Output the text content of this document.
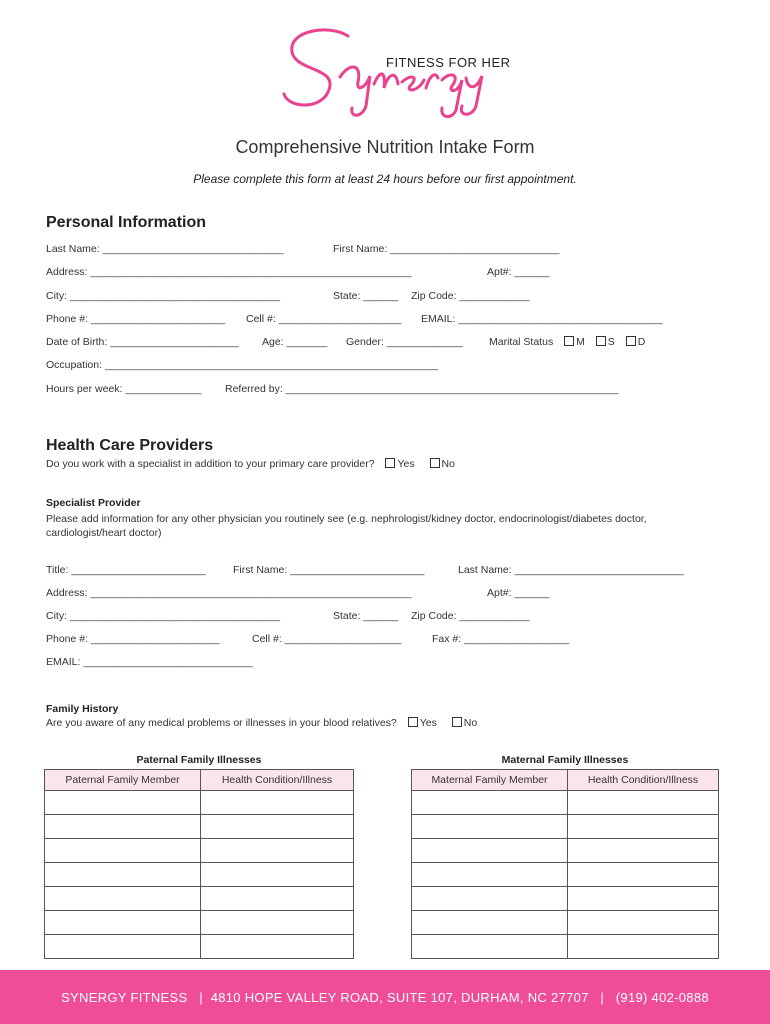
FITNESS FOR HER
Comprehensive Nutrition Intake Form
Please complete this form at least 24 hours before our first appointment.
Personal Information
Last Name: _______________________________	First Name: _____________________________
Address: _______________________________________________________	Apt#: ______
City: ____________________________________	State: ______ Zip Code: ____________
Phone #: _______________________ Cell #: _____________________ EMAIL: ___________________________________
Date of Birth: ______________________ Age: _______ Gender: _____________ Marital Status M S D
Occupation: _________________________________________________________
Hours per week: _____________ Referred by: _________________________________________________________
Health Care Providers
Do you work with a specialist in addition to your primary care provider? Yes	No
Specialist Provider
Please add information for any other physician you routinely see (e.g. nephrologist/kidney doctor, endocrinologist/diabetes doctor, cardiologist/heart doctor)
Title: _______________________	First Name: _______________________	Last Name: _____________________________
Address: _______________________________________________________	Apt#: ______
City: ____________________________________	State: ______ Zip Code: ____________
Phone #: ______________________	Cell #: ____________________	Fax #: __________________
EMAIL: _____________________________
Family History
Are you aware of any medical problems or illnesses in your blood relatives? Yes	No
Paternal Family Illnesses	Maternal Family Illnesses
Paternal Family Member	Health Condition/Illness

		Maternal Family Member	Health Condition/Illness

SYNERGY FITNESS   |  4810 HOPE VALLEY ROAD, SUITE 107, DURHAM, NC 27707   |   (919) 402-0888
